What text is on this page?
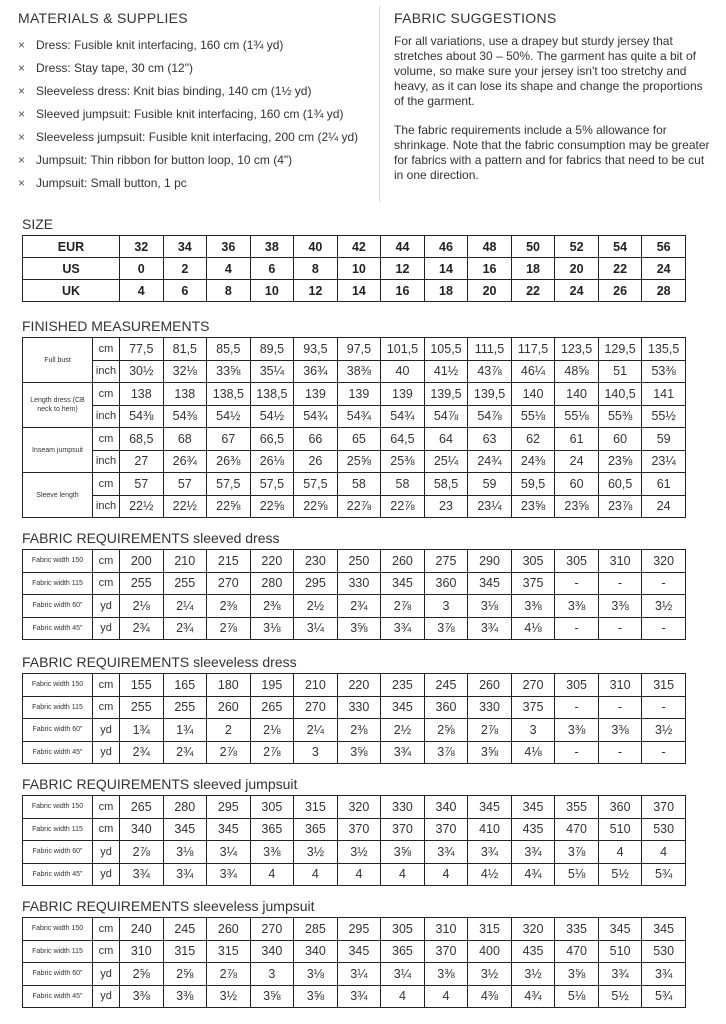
MATERIALS & SUPPLIES
× Dress: Fusible knit interfacing, 160 cm (1¾ yd)
× Dress: Stay tape, 30 cm (12")
× Sleeveless dress: Knit bias binding, 140 cm (1½ yd)
× Sleeved jumpsuit: Fusible knit interfacing, 160 cm (1¾ yd)
× Sleeveless jumpsuit: Fusible knit interfacing, 200 cm (2¼ yd)
× Jumpsuit: Thin ribbon for button loop, 10 cm (4")
× Jumpsuit: Small button, 1 pc
FABRIC SUGGESTIONS

For all variations, use a drapey but sturdy jersey that stretches about 30 – 50%. The garment has quite a bit of volume, so make sure your jersey isn't too stretchy and heavy, as it can lose its shape and change the proportions of the garment.

The fabric requirements include a 5% allowance for shrinkage. Note that the fabric consumption may be greater for fabrics with a pattern and for fabrics that need to be cut in one direction.

SIZE
EUR	32	34	36	38	40	42	44	46	48	50	52	54	56
US	0	2	4	6	8	10	12	14	16	18	20	22	24
UK	4	6	8	10	12	14	16	18	20	22	24	26	28
FINISHED MEASUREMENTS
Full bust	cm	77,5	81,5	85,5	89,5	93,5	97,5	101,5	105,5	111,5	117,5	123,5	129,5	135,5
	inch	30½	32⅛	33⅝	35¼	36¾	38⅜	40	41½	43⅞	46¼	48⅝	51	53⅜
Length dress (CB neck to hem)	cm	138	138	138,5	138,5	139	139	139	139,5	139,5	140	140	140,5	141
	inch	54⅜	54⅜	54½	54½	54¾	54¾	54¾	54⅞	54⅞	55⅛	55⅛	55⅜	55½
Inseam jumpsuit	cm	68,5	68	67	66,5	66	65	64,5	64	63	62	61	60	59
	inch	27	26¾	26⅜	26⅛	26	25⅝	25⅜	25¼	24¾	24⅜	24	23⅝	23¼
Sleeve length	cm	57	57	57,5	57,5	57,5	58	58	58,5	59	59,5	60	60,5	61
	inch	22½	22½	22⅝	22⅝	22⅝	22⅞	22⅞	23	23¼	23⅝	23⅝	23⅞	24
FABRIC REQUIREMENTS sleeved dress
Fabric width 150	cm	200	210	215	220	230	250	260	275	290	305	305	310	320
Fabric width 115	cm	255	255	270	280	295	330	345	360	345	375	-	-	-
Fabric width 60"	yd	2⅛	2¼	2⅜	2⅜	2½	2¾	2⅞	3	3⅛	3⅜	3⅜	3⅜	3½
Fabric width 45"	yd	2¾	2¾	2⅞	3⅛	3¼	3⅝	3¾	3⅞	3¾	4⅛	-	-	-
FABRIC REQUIREMENTS sleeveless dress
Fabric width 150	cm	155	165	180	195	210	220	235	245	260	270	305	310	315
Fabric width 115	cm	255	255	260	265	270	330	345	360	330	375	-	-	-
Fabric width 60"	yd	1¾	1¾	2	2⅛	2¼	2⅜	2½	2⅝	2⅞	3	3⅜	3⅜	3½
Fabric width 45"	yd	2¾	2¾	2⅞	2⅞	3	3⅝	3¾	3⅞	3⅝	4⅛	-	-	-
FABRIC REQUIREMENTS sleeved jumpsuit
Fabric width 150	cm	265	280	295	305	315	320	330	340	345	345	355	360	370
Fabric width 115	cm	340	345	345	365	365	370	370	370	410	435	470	510	530
Fabric width 60"	yd	2⅞	3⅛	3¼	3⅜	3½	3½	3⅝	3¾	3¾	3¾	3⅞	4	4
Fabric width 45"	yd	3¾	3¾	3¾	4	4	4	4	4	4½	4¾	5⅛	5½	5¾
FABRIC REQUIREMENTS sleeveless jumpsuit
Fabric width 150	cm	240	245	260	270	285	295	305	310	315	320	335	345	345
Fabric width 115	cm	310	315	315	340	340	345	365	370	400	435	470	510	530
Fabric width 60"	yd	2⅝	2⅝	2⅞	3	3⅛	3¼	3¼	3⅜	3½	3½	3⅝	3¾	3¾
Fabric width 45"	yd	3⅜	3⅜	3½	3⅝	3⅝	3¾	4	4	4⅜	4¾	5⅛	5½	5¾
